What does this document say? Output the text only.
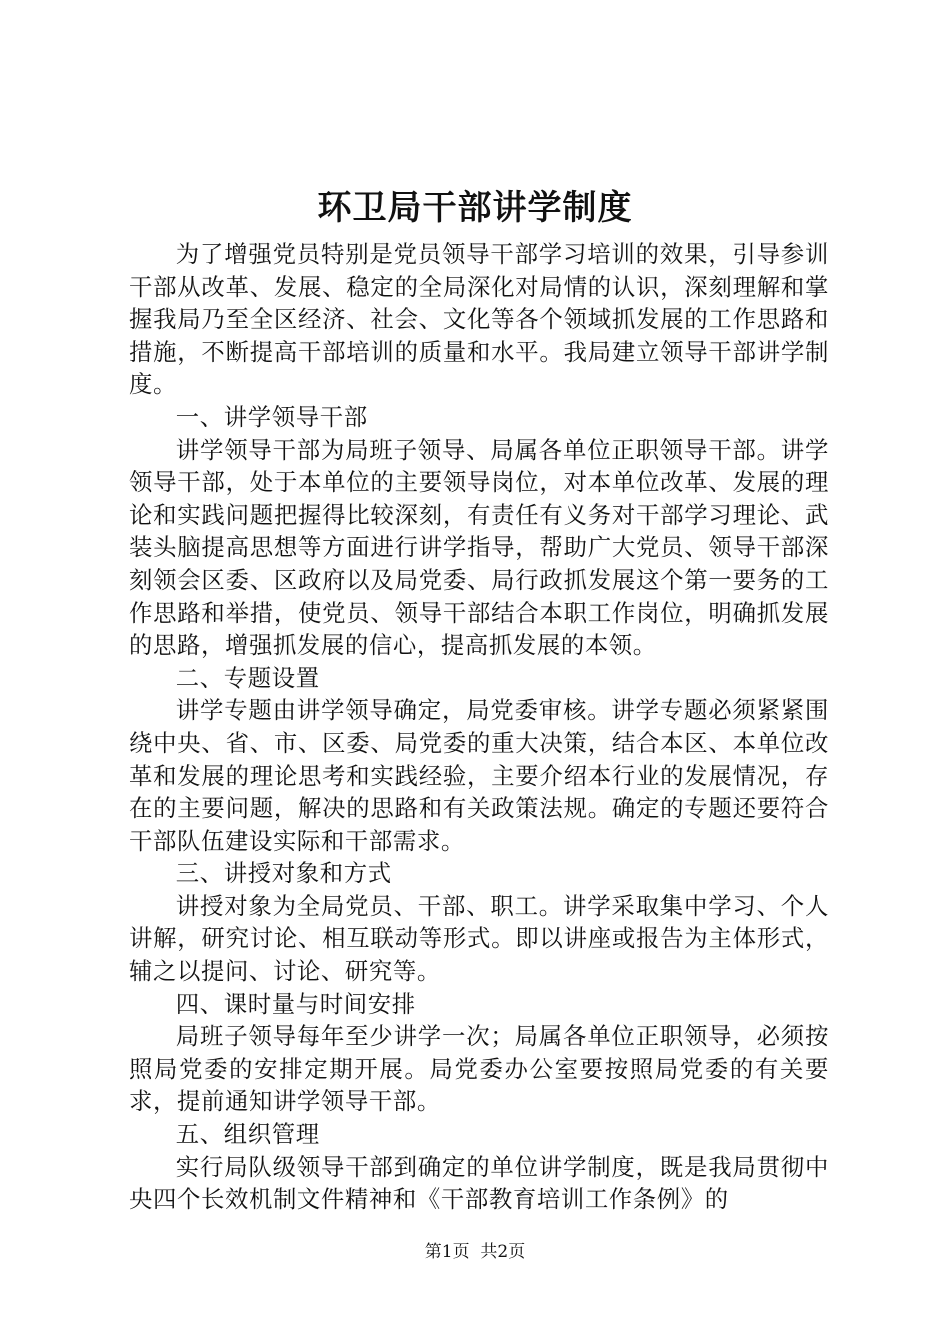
环卫局干部讲学制度

为了增强党员特别是党员领导干部学习培训的效果，引导参训干部从改革、发展、稳定的全局深化对局情的认识，深刻理解和掌握我局乃至全区经济、社会、文化等各个领域抓发展的工作思路和措施，不断提高干部培训的质量和水平。我局建立领导干部讲学制度。

一、讲学领导干部

讲学领导干部为局班子领导、局属各单位正职领导干部。讲学领导干部，处于本单位的主要领导岗位，对本单位改革、发展的理论和实践问题把握得比较深刻，有责任有义务对干部学习理论、武装头脑提高思想等方面进行讲学指导，帮助广大党员、领导干部深刻领会区委、区政府以及局党委、局行政抓发展这个第一要务的工作思路和举措，使党员、领导干部结合本职工作岗位，明确抓发展的思路，增强抓发展的信心，提高抓发展的本领。

二、专题设置

讲学专题由讲学领导确定，局党委审核。讲学专题必须紧紧围绕中央、省、市、区委、局党委的重大决策，结合本区、本单位改革和发展的理论思考和实践经验，主要介绍本行业的发展情况，存在的主要问题，解决的思路和有关政策法规。确定的专题还要符合干部队伍建设实际和干部需求。

三、讲授对象和方式

讲授对象为全局党员、干部、职工。讲学采取集中学习、个人讲解，研究讨论、相互联动等形式。即以讲座或报告为主体形式，辅之以提问、讨论、研究等。

四、课时量与时间安排

局班子领导每年至少讲学一次；局属各单位正职领导，必须按照局党委的安排定期开展。局党委办公室要按照局党委的有关要求，提前通知讲学领导干部。

五、组织管理

实行局队级领导干部到确定的单位讲学制度，既是我局贯彻中央四个长效机制文件精神和《干部教育培训工作条例》的

第1页  共2页
